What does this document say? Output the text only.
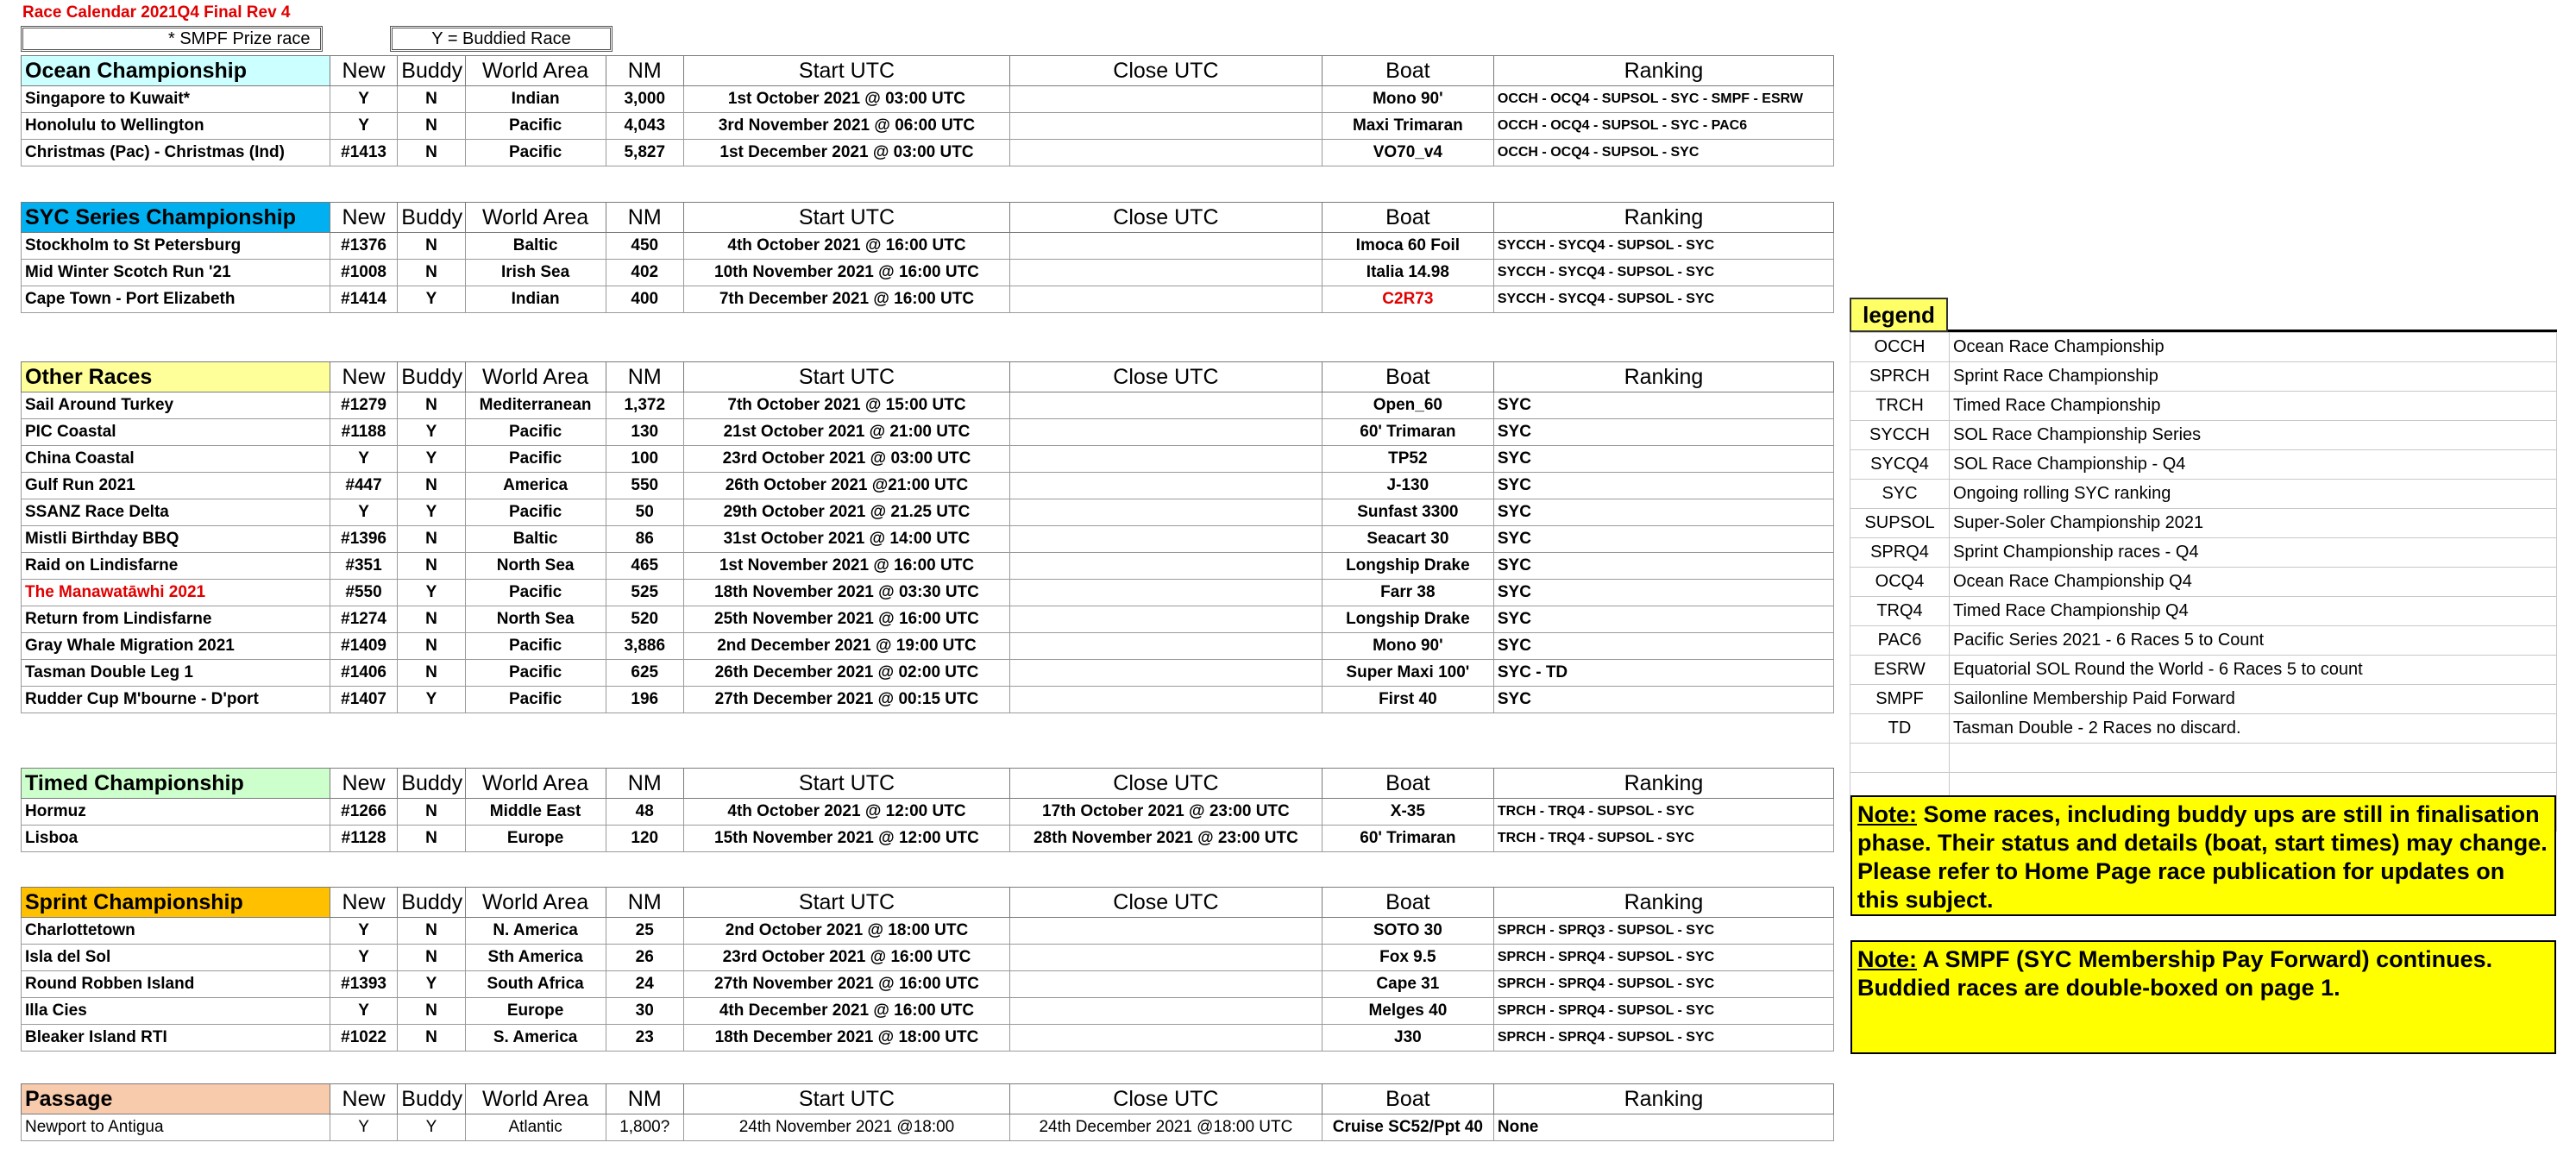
Race Calendar 2021Q4 Final Rev 4
* SMPF Prize race	Y = Buddied Race
Ocean Championship	New	Buddy	World Area	NM	Start UTC	Close UTC	Boat	Ranking
Singapore to Kuwait*	Y	N	Indian	3,000	1st October 2021 @ 03:00 UTC		Mono 90'	OCCH - OCQ4 - SUPSOL - SYC - SMPF - ESRW
Honolulu to Wellington	Y	N	Pacific	4,043	3rd November 2021 @ 06:00 UTC		Maxi Trimaran	OCCH - OCQ4 - SUPSOL - SYC - PAC6
Christmas (Pac) - Christmas (Ind)	#1413	N	Pacific	5,827	1st December 2021 @ 03:00 UTC		VO70_v4	OCCH - OCQ4 - SUPSOL - SYC
SYC Series Championship	New	Buddy	World Area	NM	Start UTC	Close UTC	Boat	Ranking
Stockholm to St Petersburg	#1376	N	Baltic	450	4th October 2021 @ 16:00 UTC		Imoca 60 Foil	SYCCH - SYCQ4 - SUPSOL - SYC
Mid Winter Scotch Run '21	#1008	N	Irish Sea	402	10th November 2021 @ 16:00 UTC		Italia 14.98	SYCCH - SYCQ4 - SUPSOL - SYC
Cape Town - Port Elizabeth	#1414	Y	Indian	400	7th December 2021 @ 16:00 UTC		C2R73	SYCCH - SYCQ4 - SUPSOL - SYC
Other Races	New	Buddy	World Area	NM	Start UTC	Close UTC	Boat	Ranking
Sail Around Turkey	#1279	N	Mediterranean	1,372	7th October 2021 @ 15:00 UTC		Open_60	SYC
PIC Coastal	#1188	Y	Pacific	130	21st October 2021 @ 21:00 UTC		60' Trimaran	SYC
China Coastal	Y	Y	Pacific	100	23rd October 2021 @ 03:00 UTC		TP52	SYC
Gulf Run 2021	#447	N	America	550	26th October 2021 @21:00 UTC		J-130	SYC
SSANZ Race Delta	Y	Y	Pacific	50	29th October 2021 @ 21.25 UTC		Sunfast 3300	SYC
Mistli Birthday BBQ	#1396	N	Baltic	86	31st October 2021 @ 14:00 UTC		Seacart 30	SYC
Raid on Lindisfarne	#351	N	North Sea	465	1st November 2021 @ 16:00 UTC		Longship Drake	SYC
The Manawatāwhi 2021	#550	Y	Pacific	525	18th November 2021 @ 03:30 UTC		Farr 38	SYC
Return from Lindisfarne	#1274	N	North Sea	520	25th November 2021 @ 16:00 UTC		Longship Drake	SYC
Gray Whale Migration 2021	#1409	N	Pacific	3,886	2nd December 2021 @ 19:00 UTC		Mono 90'	SYC
Tasman Double Leg 1	#1406	N	Pacific	625	26th December 2021 @ 02:00 UTC		Super Maxi 100'	SYC - TD
Rudder Cup M'bourne - D'port	#1407	Y	Pacific	196	27th December 2021 @ 00:15 UTC		First 40	SYC
Timed Championship	New	Buddy	World Area	NM	Start UTC	Close UTC	Boat	Ranking
Hormuz	#1266	N	Middle East	48	4th October 2021 @ 12:00 UTC	17th October 2021 @ 23:00 UTC	X-35	TRCH - TRQ4 - SUPSOL - SYC
Lisboa	#1128	N	Europe	120	15th November 2021 @ 12:00 UTC	28th November 2021 @ 23:00 UTC	60' Trimaran	TRCH - TRQ4 - SUPSOL - SYC
Sprint Championship	New	Buddy	World Area	NM	Start UTC	Close UTC	Boat	Ranking
Charlottetown	Y	N	N. America	25	2nd October 2021 @ 18:00 UTC		SOTO 30	SPRCH - SPRQ3 - SUPSOL - SYC
Isla del Sol	Y	N	Sth America	26	23rd October 2021 @ 16:00 UTC		Fox 9.5	SPRCH - SPRQ4 - SUPSOL - SYC
Round Robben Island	#1393	Y	South Africa	24	27th November 2021 @ 16:00 UTC		Cape 31	SPRCH - SPRQ4 - SUPSOL - SYC
Illa Cies	Y	N	Europe	30	4th December 2021 @ 16:00 UTC		Melges 40	SPRCH - SPRQ4 - SUPSOL - SYC
Bleaker Island RTI	#1022	N	S. America	23	18th December 2021 @ 18:00 UTC		J30	SPRCH - SPRQ4 - SUPSOL - SYC
Passage	New	Buddy	World Area	NM	Start UTC	Close UTC	Boat	Ranking
Newport to Antigua	Y	Y	Atlantic	1,800?	24th November 2021 @18:00	24th December 2021 @18:00 UTC	Cruise SC52/Ppt 40	None
legend
OCCH	Ocean Race Championship
SPRCH	Sprint Race Championship
TRCH	Timed Race Championship
SYCCH	SOL Race Championship Series
SYCQ4	SOL Race Championship - Q4
SYC	Ongoing rolling SYC ranking
SUPSOL	Super-Soler Championship 2021
SPRQ4	Sprint Championship races - Q4
OCQ4	Ocean Race Championship Q4
TRQ4	Timed Race Championship Q4
PAC6	Pacific Series 2021 - 6 Races 5 to Count
ESRW	Equatorial SOL Round the World - 6 Races 5 to count
SMPF	Sailonline Membership Paid Forward
TD	Tasman Double - 2 Races no discard.

Note: Some races, including buddy ups are still in finalisation phase. Their status and details (boat, start times) may change. Please refer to Home Page race publication for updates on this subject.
Note: A SMPF (SYC Membership Pay Forward) continues. Buddied races are double-boxed on page 1.
